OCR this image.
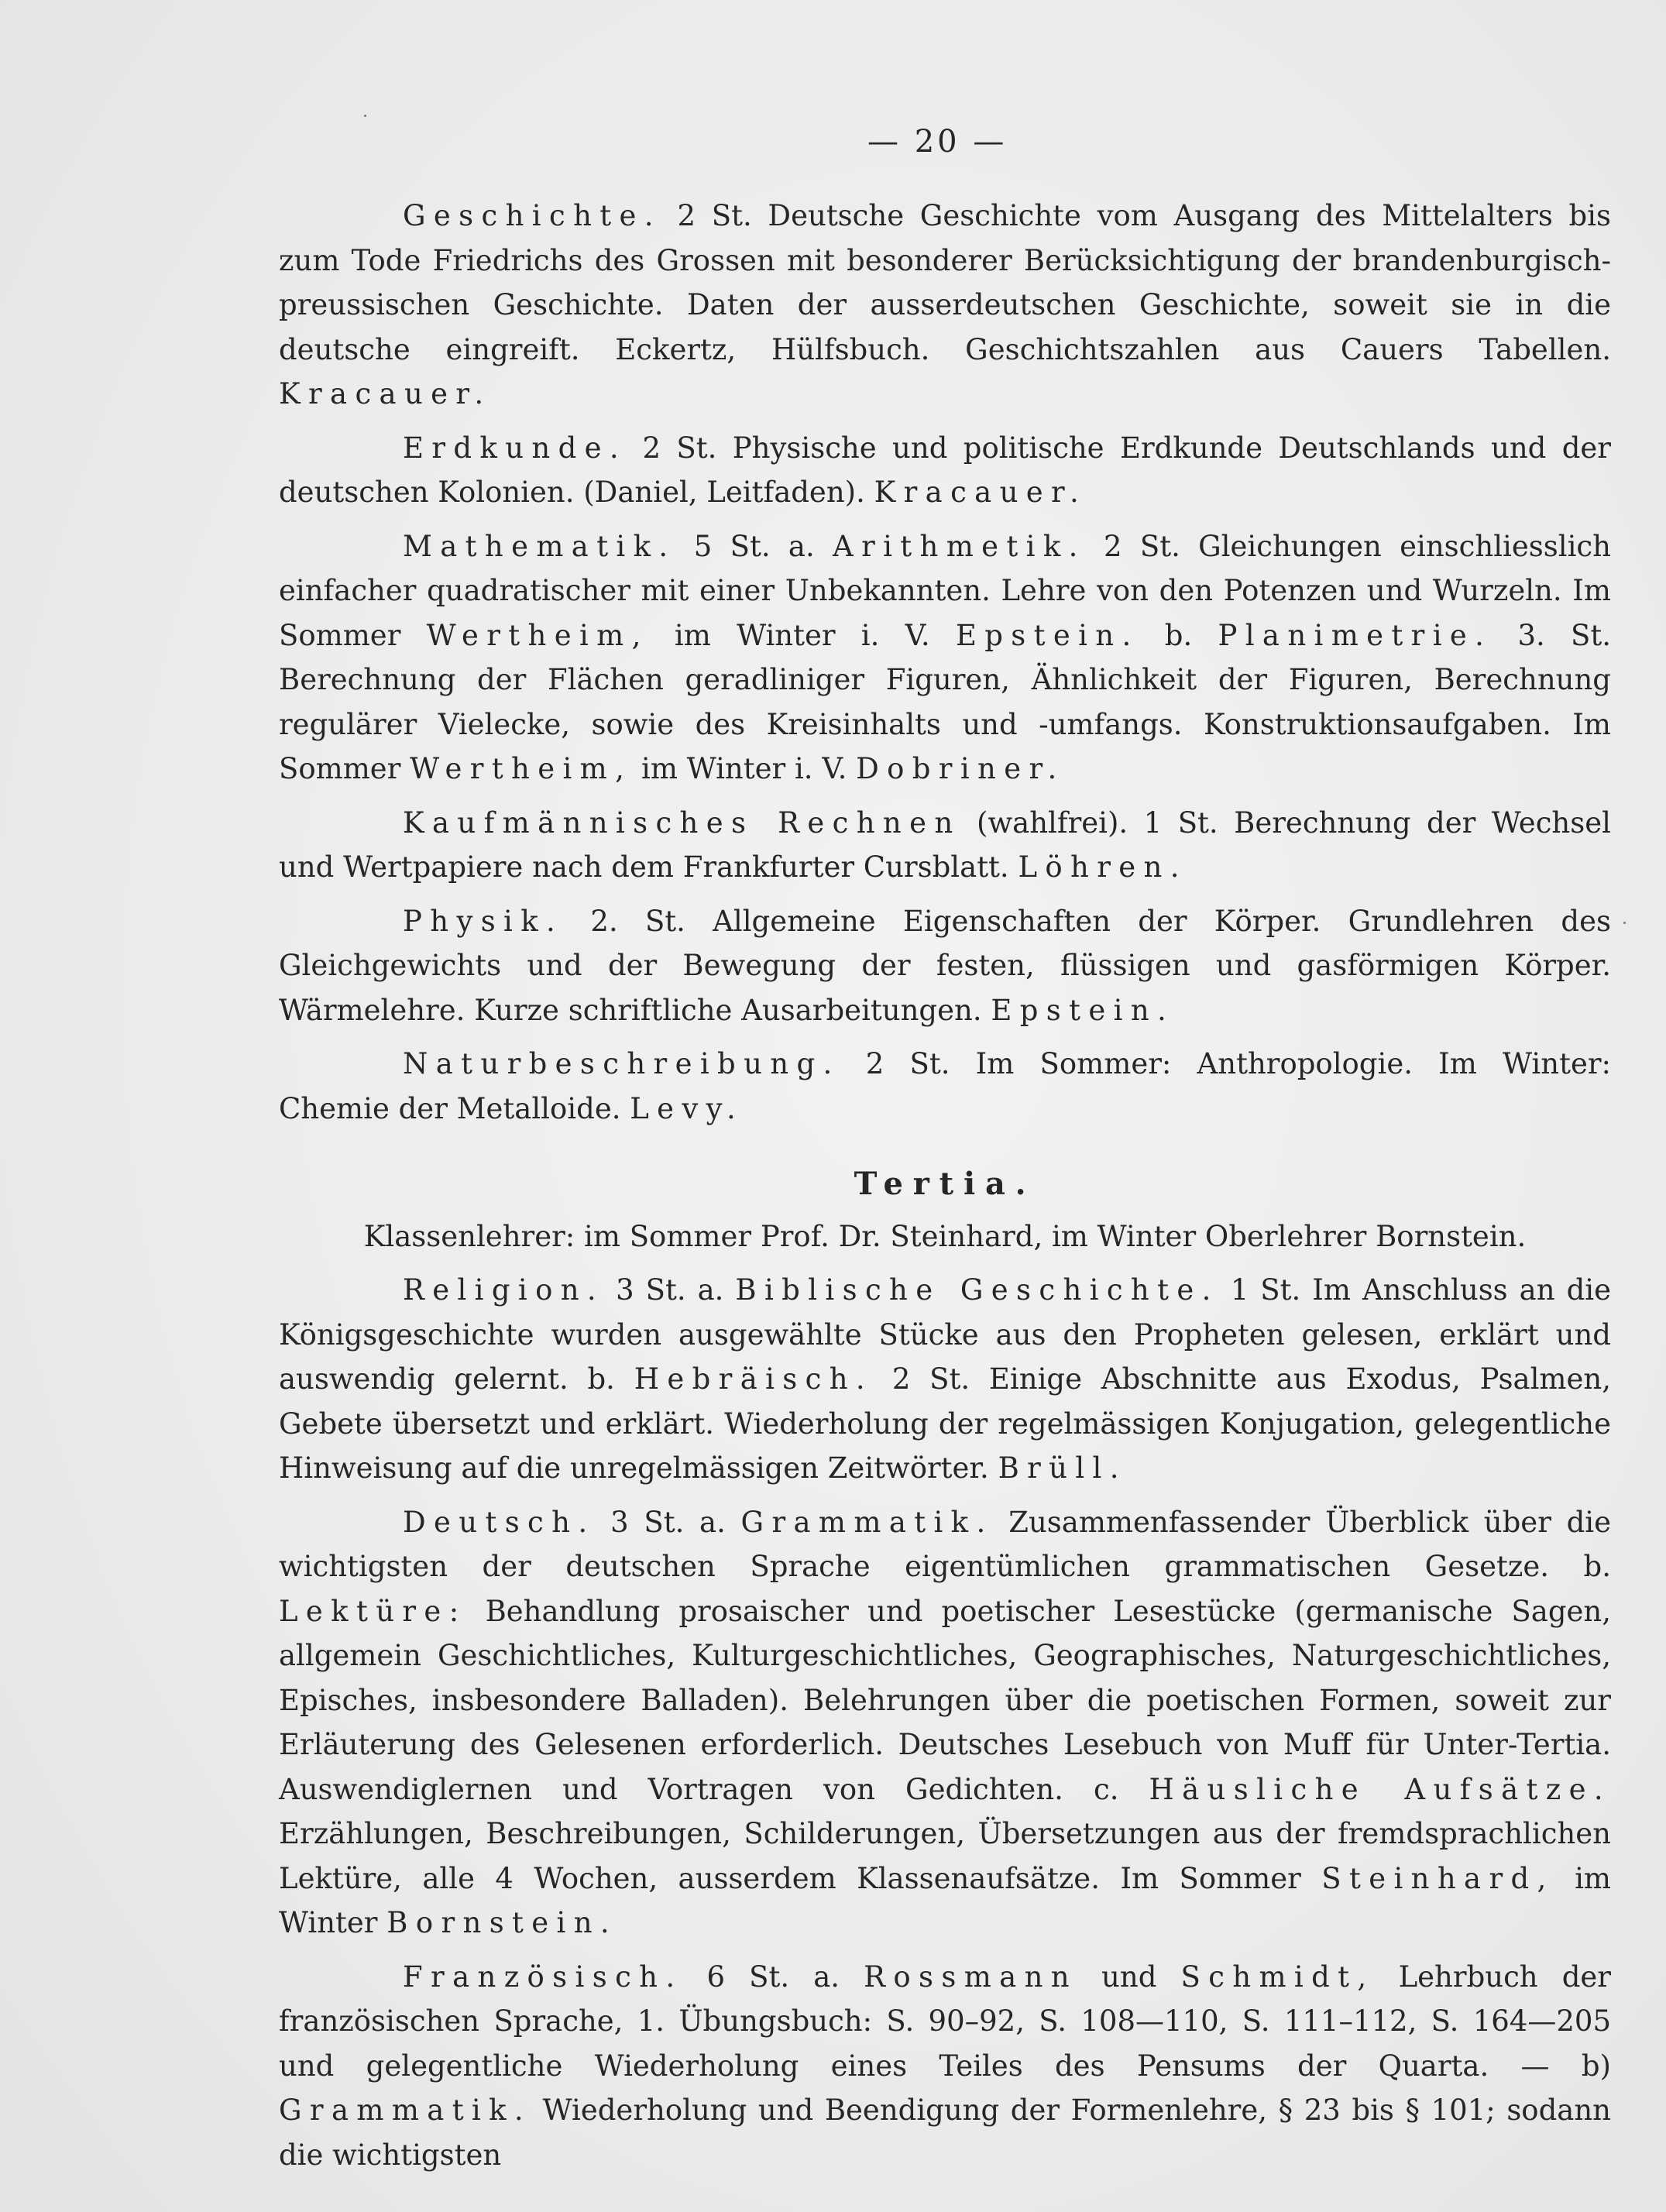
— 20 —

Geschichte. 2 St. Deutsche Geschichte vom Ausgang des Mittelalters bis zum Tode Friedrichs des Grossen mit besonderer Berücksichtigung der brandenburgisch-preussischen Geschichte. Daten der ausserdeutschen Geschichte, soweit sie in die deutsche eingreift. Eckertz, Hülfsbuch. Geschichtszahlen aus Cauers Tabellen. Kracauer.

Erdkunde. 2 St. Physische und politische Erdkunde Deutschlands und der deutschen Kolonien. (Daniel, Leitfaden). Kracauer.

Mathematik. 5 St. a. Arithmetik. 2 St. Gleichungen einschliesslich einfacher quadratischer mit einer Unbekannten. Lehre von den Potenzen und Wurzeln. Im Sommer Wertheim, im Winter i. V. Epstein. b. Planimetrie. 3. St. Berechnung der Flächen geradliniger Figuren, Ähnlichkeit der Figuren, Berechnung regulärer Vielecke, sowie des Kreisinhalts und -umfangs. Konstruktionsaufgaben. Im Sommer Wertheim, im Winter i. V. Dobriner.

Kaufmännisches Rechnen (wahlfrei). 1 St. Berechnung der Wechsel und Wertpapiere nach dem Frankfurter Cursblatt. Löhren.

Physik. 2. St. Allgemeine Eigenschaften der Körper. Grundlehren des Gleichgewichts und der Bewegung der festen, flüssigen und gasförmigen Körper. Wärmelehre. Kurze schriftliche Ausarbeitungen. Epstein.

Naturbeschreibung. 2 St. Im Sommer: Anthropologie. Im Winter: Chemie der Metalloide. Levy.

Tertia.
Klassenlehrer: im Sommer Prof. Dr. Steinhard, im Winter Oberlehrer Bornstein.

Religion. 3 St. a. Biblische Geschichte. 1 St. Im Anschluss an die Königsgeschichte wurden ausgewählte Stücke aus den Propheten gelesen, erklärt und auswendig gelernt. b. Hebräisch. 2 St. Einige Abschnitte aus Exodus, Psalmen, Gebete übersetzt und erklärt. Wiederholung der regelmässigen Konjugation, gelegentliche Hinweisung auf die unregelmässigen Zeitwörter. Brüll.

Deutsch. 3 St. a. Grammatik. Zusammenfassender Überblick über die wichtigsten der deutschen Sprache eigentümlichen grammatischen Gesetze. b. Lektüre: Behandlung prosaischer und poetischer Lesestücke (germanische Sagen, allgemein Geschichtliches, Kulturgeschichtliches, Geographisches, Naturgeschichtliches, Episches, insbesondere Balladen). Belehrungen über die poetischen Formen, soweit zur Erläuterung des Gelesenen erforderlich. Deutsches Lesebuch von Muff für Unter-Tertia. Auswendiglernen und Vortragen von Gedichten. c. Häusliche Aufsätze. Erzählungen, Beschreibungen, Schilderungen, Übersetzungen aus der fremdsprachlichen Lektüre, alle 4 Wochen, ausserdem Klassenaufsätze. Im Sommer Steinhard, im Winter Bornstein.

Französisch. 6 St. a. Rossmann und Schmidt, Lehrbuch der französischen Sprache, 1. Übungsbuch: S. 90–92, S. 108—110, S. 111–112, S. 164—205 und gelegentliche Wiederholung eines Teiles des Pensums der Quarta. — b) Grammatik. Wiederholung und Beendigung der Formenlehre, § 23 bis § 101; sodann die wichtigsten
